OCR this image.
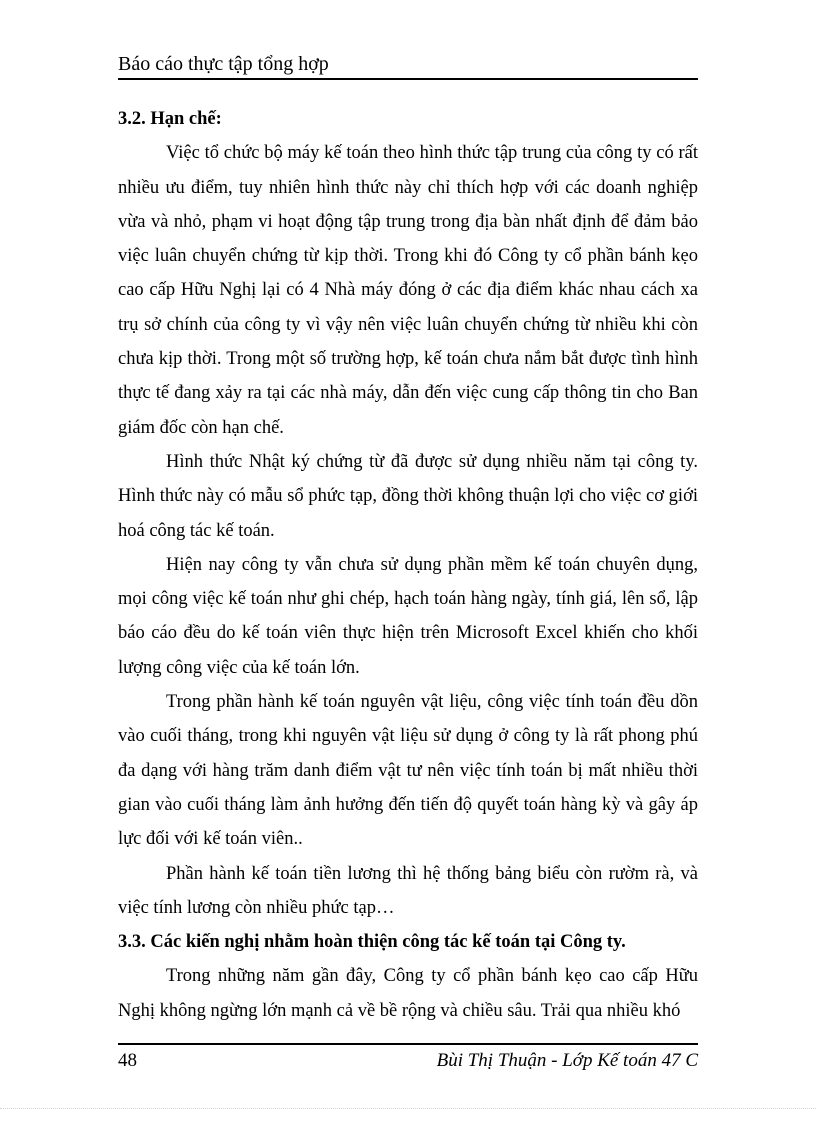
Báo cáo thực tập tổng hợp
3.2. Hạn chế:

Việc tổ chức bộ máy kế toán theo hình thức tập trung của công ty có rất nhiều ưu điểm, tuy nhiên hình thức này chỉ thích hợp với các doanh nghiệp vừa và nhỏ, phạm vi hoạt động tập trung trong địa bàn nhất định để đảm bảo việc luân chuyển chứng từ kịp thời. Trong khi đó Công ty cổ phần bánh kẹo cao cấp Hữu Nghị lại có 4 Nhà máy đóng ở các địa điểm khác nhau cách xa trụ sở chính của công ty vì vậy nên việc luân chuyển chứng từ nhiều khi còn chưa kịp thời. Trong một số trường hợp, kế toán chưa nắm bắt được tình hình thực tế đang xảy ra tại các nhà máy, dẫn đến việc cung cấp thông tin cho Ban giám đốc còn hạn chế.

Hình thức Nhật ký chứng từ đã được sử dụng nhiều năm tại công ty. Hình thức này có mẫu sổ phức tạp, đồng thời không thuận lợi cho việc cơ giới hoá công tác kế toán.

Hiện nay công ty vẫn chưa sử dụng phần mềm kế toán chuyên dụng, mọi công việc kế toán như ghi chép, hạch toán hàng ngày, tính giá, lên sổ, lập báo cáo đều do kế toán viên thực hiện trên Microsoft Excel khiến cho khối lượng công việc của kế toán lớn.

Trong phần hành kế toán nguyên vật liệu, công việc tính toán đều dồn vào cuối tháng, trong khi nguyên vật liệu sử dụng ở công ty là rất phong phú đa dạng với hàng trăm danh điểm vật tư nên việc tính toán bị mất nhiều thời gian vào cuối tháng làm ảnh hưởng đến tiến độ quyết toán hàng kỳ và gây áp lực đối với kế toán viên..

Phần hành kế toán tiền lương thì hệ thống bảng biểu còn rườm rà, và việc tính lương còn nhiều phức tạp…

3.3. Các kiến nghị nhằm hoàn thiện công tác kế toán tại Công ty.

Trong những năm gần đây, Công ty cổ phần bánh kẹo cao cấp Hữu Nghị không ngừng lớn mạnh cả về bề rộng và chiều sâu. Trải qua nhiều khó

48	Bùi Thị Thuận - Lớp Kế toán 47 C
